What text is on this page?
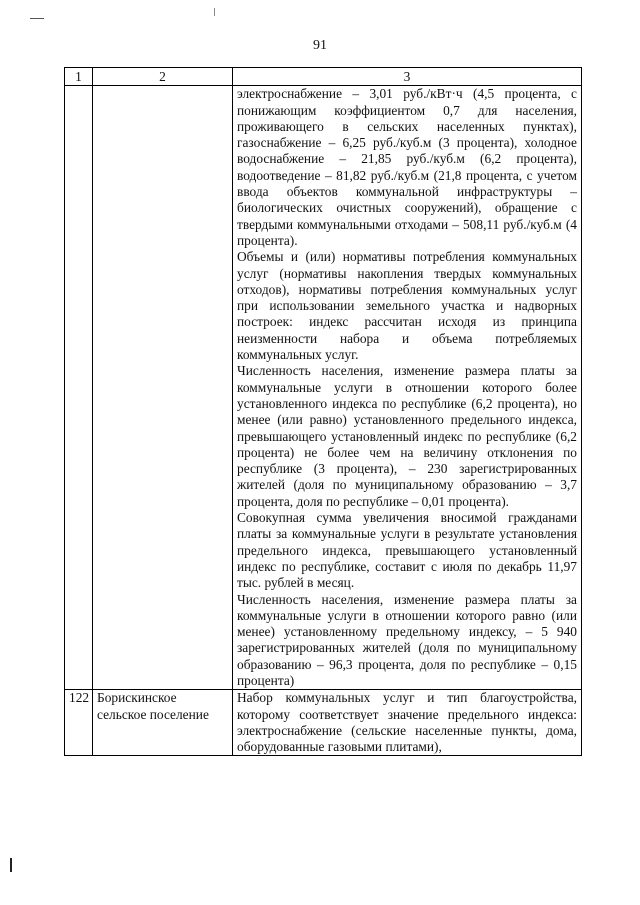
91
1	2	3

		электроснабжение – 3,01 руб./кВт·ч (4,5 процента, с понижающим коэффициентом 0,7 для населения, проживающего в сельских населенных пунктах), газоснабжение – 6,25 руб./куб.м (3 процента), холодное водоснабжение – 21,85 руб./куб.м (6,2 процента), водоотведение – 81,82 руб./куб.м (21,8 процента, с учетом ввода объектов коммунальной инфраструктуры – биологических очистных сооружений), обращение с твердыми коммунальными отходами – 508,11 руб./куб.м (4 процента).

Объемы и (или) нормативы потребления коммунальных услуг (нормативы накопления твердых коммунальных отходов), нормативы потребления коммунальных услуг при использовании земельного участка и надворных построек: индекс рассчитан исходя из принципа неизменности набора и объема потребляемых коммунальных услуг.

Численность населения, изменение размера платы за коммунальные услуги в отношении которого более установленного индекса по республике (6,2 процента), но менее (или равно) установленного предельного индекса, превышающего установленный индекс по республике (6,2 процента) не более чем на величину отклонения по республике (3 процента), – 230 зарегистрированных жителей (доля по муниципальному образованию – 3,7 процента, доля по республике – 0,01 процента).

Совокупная сумма увеличения вносимой гражданами платы за коммунальные услуги в результате установления предельного индекса, превышающего установленный индекс по республике, составит с июля по декабрь 11,97 тыс. рублей в месяц.

Численность населения, изменение размера платы за коммунальные услуги в отношении которого равно (или менее) установленному предельному индексу, – 5 940 зарегистрированных жителей (доля по муниципальному образованию – 96,3 процента, доля по республике – 0,15 процента)

122	Борискинское сельское поселение	Набор коммунальных услуг и тип благоустройства, которому соответствует значение предельного индекса: электроснабжение (сельские населенные пункты, дома, оборудованные газовыми плитами),
